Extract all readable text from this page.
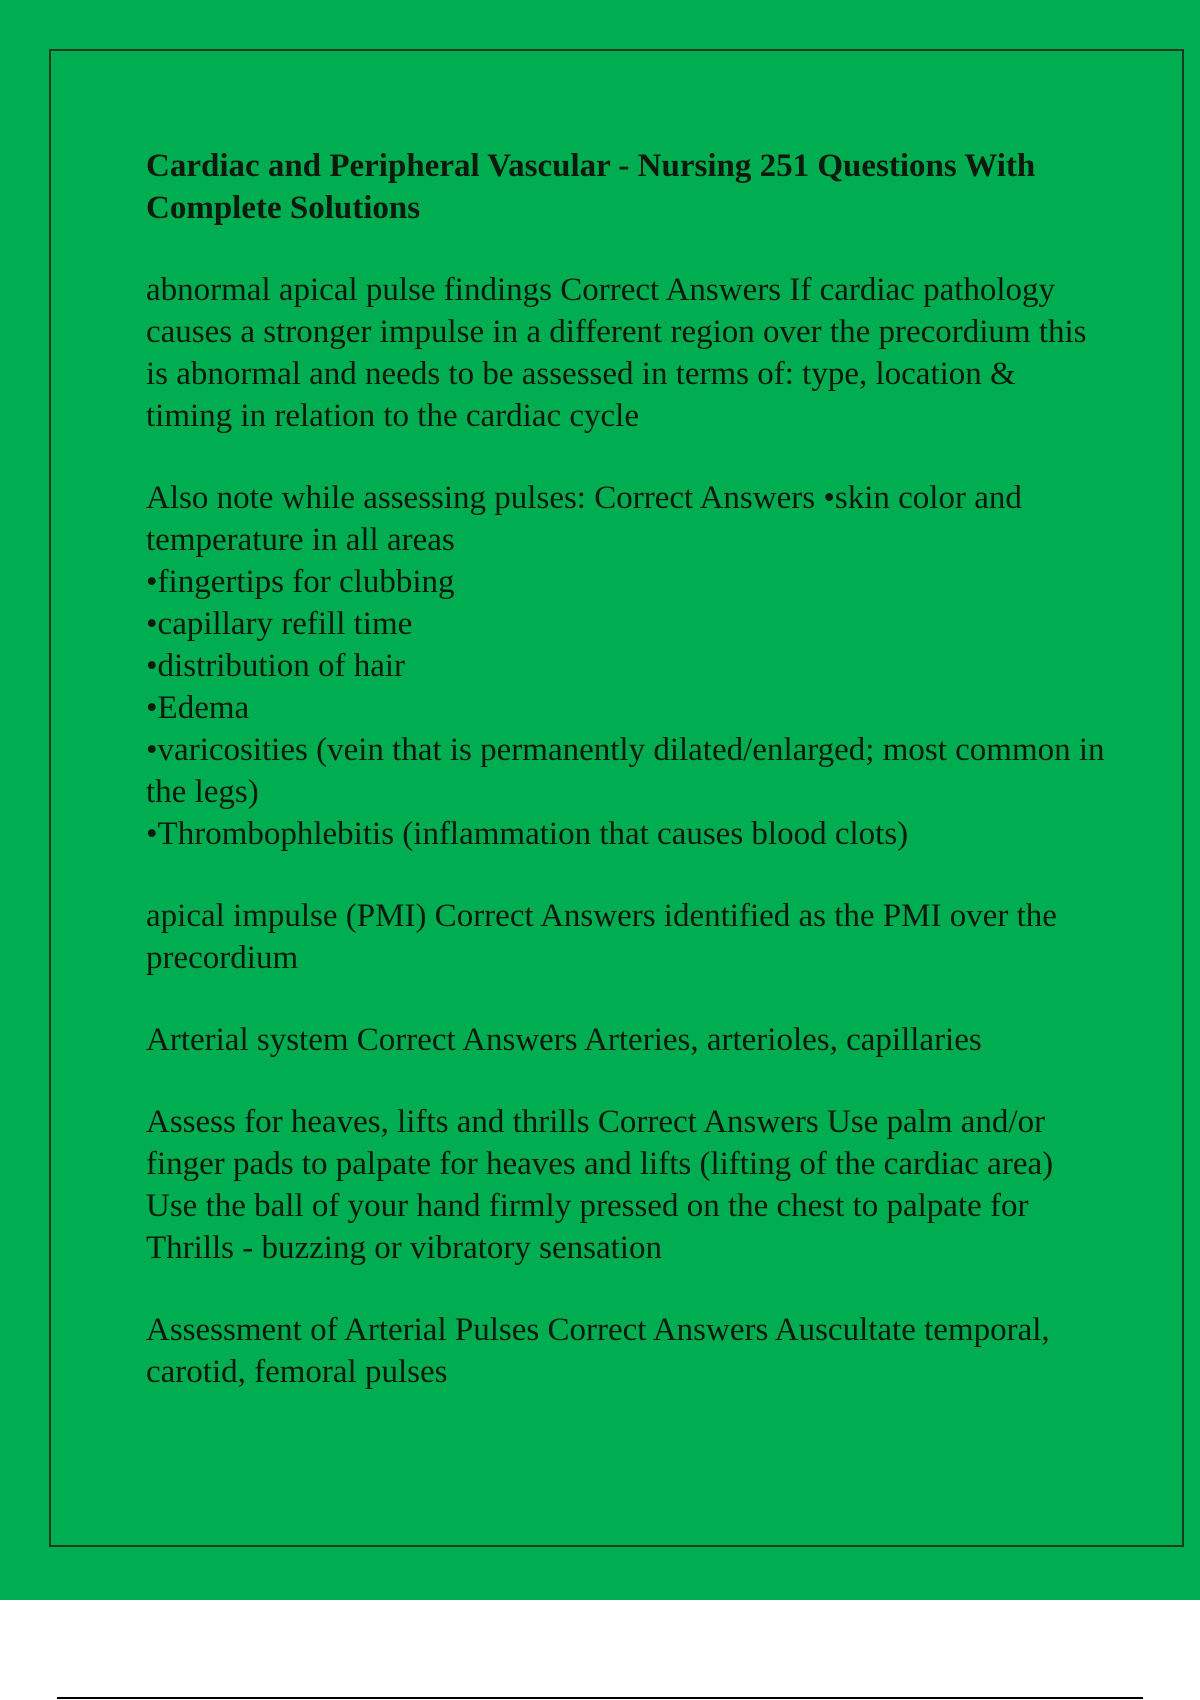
Cardiac and Peripheral Vascular - Nursing 251 Questions With Complete Solutions

abnormal apical pulse findings Correct Answers If cardiac pathology causes a stronger impulse in a different region over the precordium this is abnormal and needs to be assessed in terms of: type, location & timing in relation to the cardiac cycle

Also note while assessing pulses: Correct Answers •skin color and temperature in all areas

•fingertips for clubbing

•capillary refill time

•distribution of hair

•Edema

•varicosities (vein that is permanently dilated/enlarged; most common in the legs)

•Thrombophlebitis (inflammation that causes blood clots)

apical impulse (PMI) Correct Answers identified as the PMI over the precordium

Arterial system Correct Answers Arteries, arterioles, capillaries

Assess for heaves, lifts and thrills Correct Answers Use palm and/or finger pads to palpate for heaves and lifts (lifting of the cardiac area)

Use the ball of your hand firmly pressed on the chest to palpate for Thrills - buzzing or vibratory sensation

Assessment of Arterial Pulses Correct Answers Auscultate temporal, carotid, femoral pulses
